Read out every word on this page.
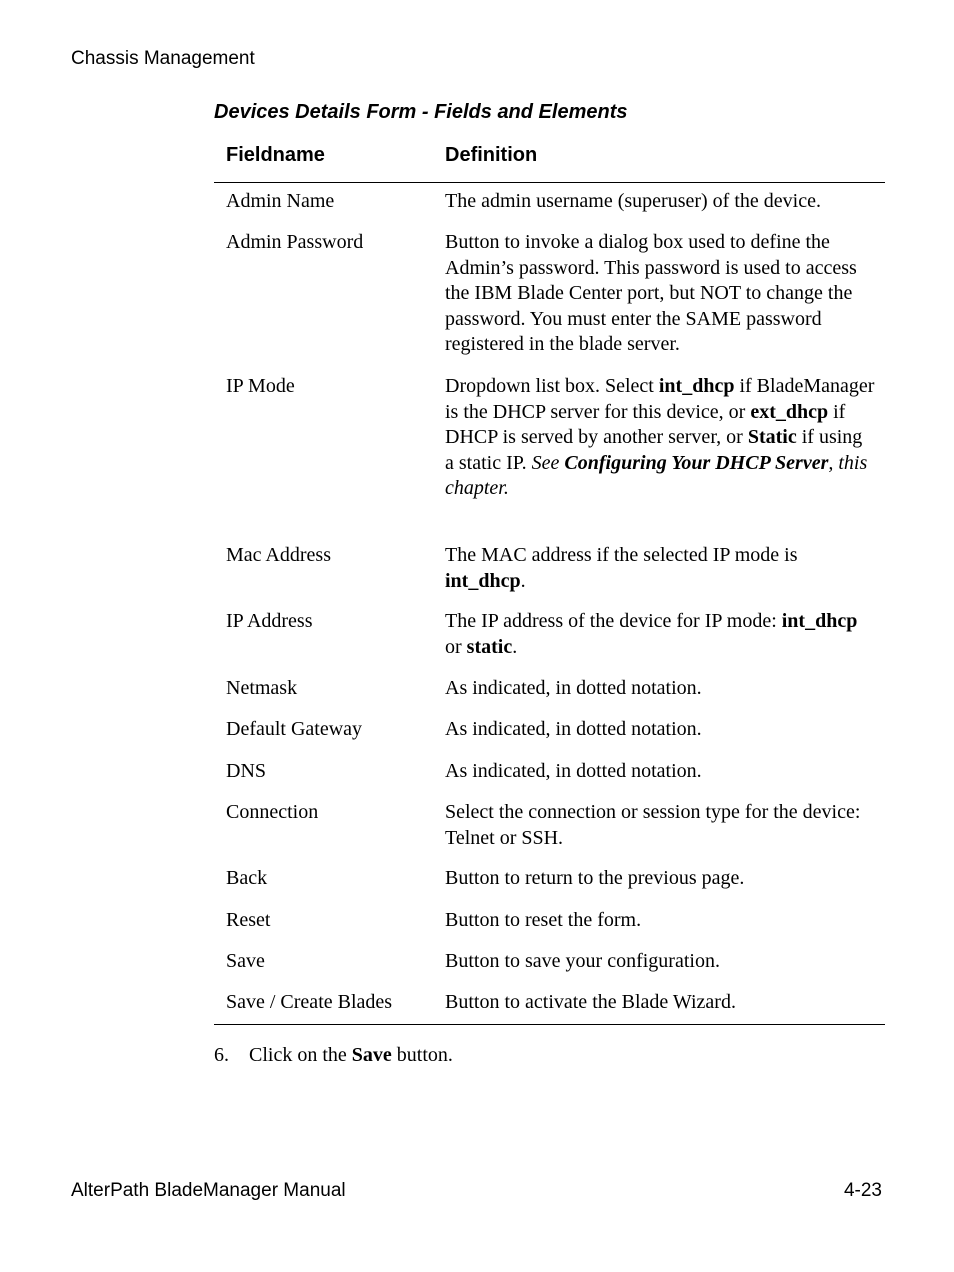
Chassis Management
Devices Details Form - Fields and Elements
Fieldname	Definition
Admin Name	The admin username (superuser) of the device.
Admin Password	Button to invoke a dialog box used to define the Admin’s password. This password is used to access the IBM Blade Center port, but NOT to change the password. You must enter the SAME password registered in the blade server.
IP Mode	Dropdown list box. Select int_dhcp if BladeManager is the DHCP server for this device, or ext_dhcp if DHCP is served by another server, or Static if using a static IP. See Configuring Your DHCP Server, this chapter.
Mac Address	The MAC address if the selected IP mode is int_dhcp.
IP Address	The IP address of the device for IP mode: int_dhcp or static.
Netmask	As indicated, in dotted notation.
Default Gateway	As indicated, in dotted notation.
DNS	As indicated, in dotted notation.
Connection	Select the connection or session type for the device: Telnet or SSH.
Back	Button to return to the previous page.
Reset	Button to reset the form.
Save	Button to save your configuration.
Save / Create Blades	Button to activate the Blade Wizard.
6. Click on the Save button.
AlterPath BladeManager Manual	4-23
